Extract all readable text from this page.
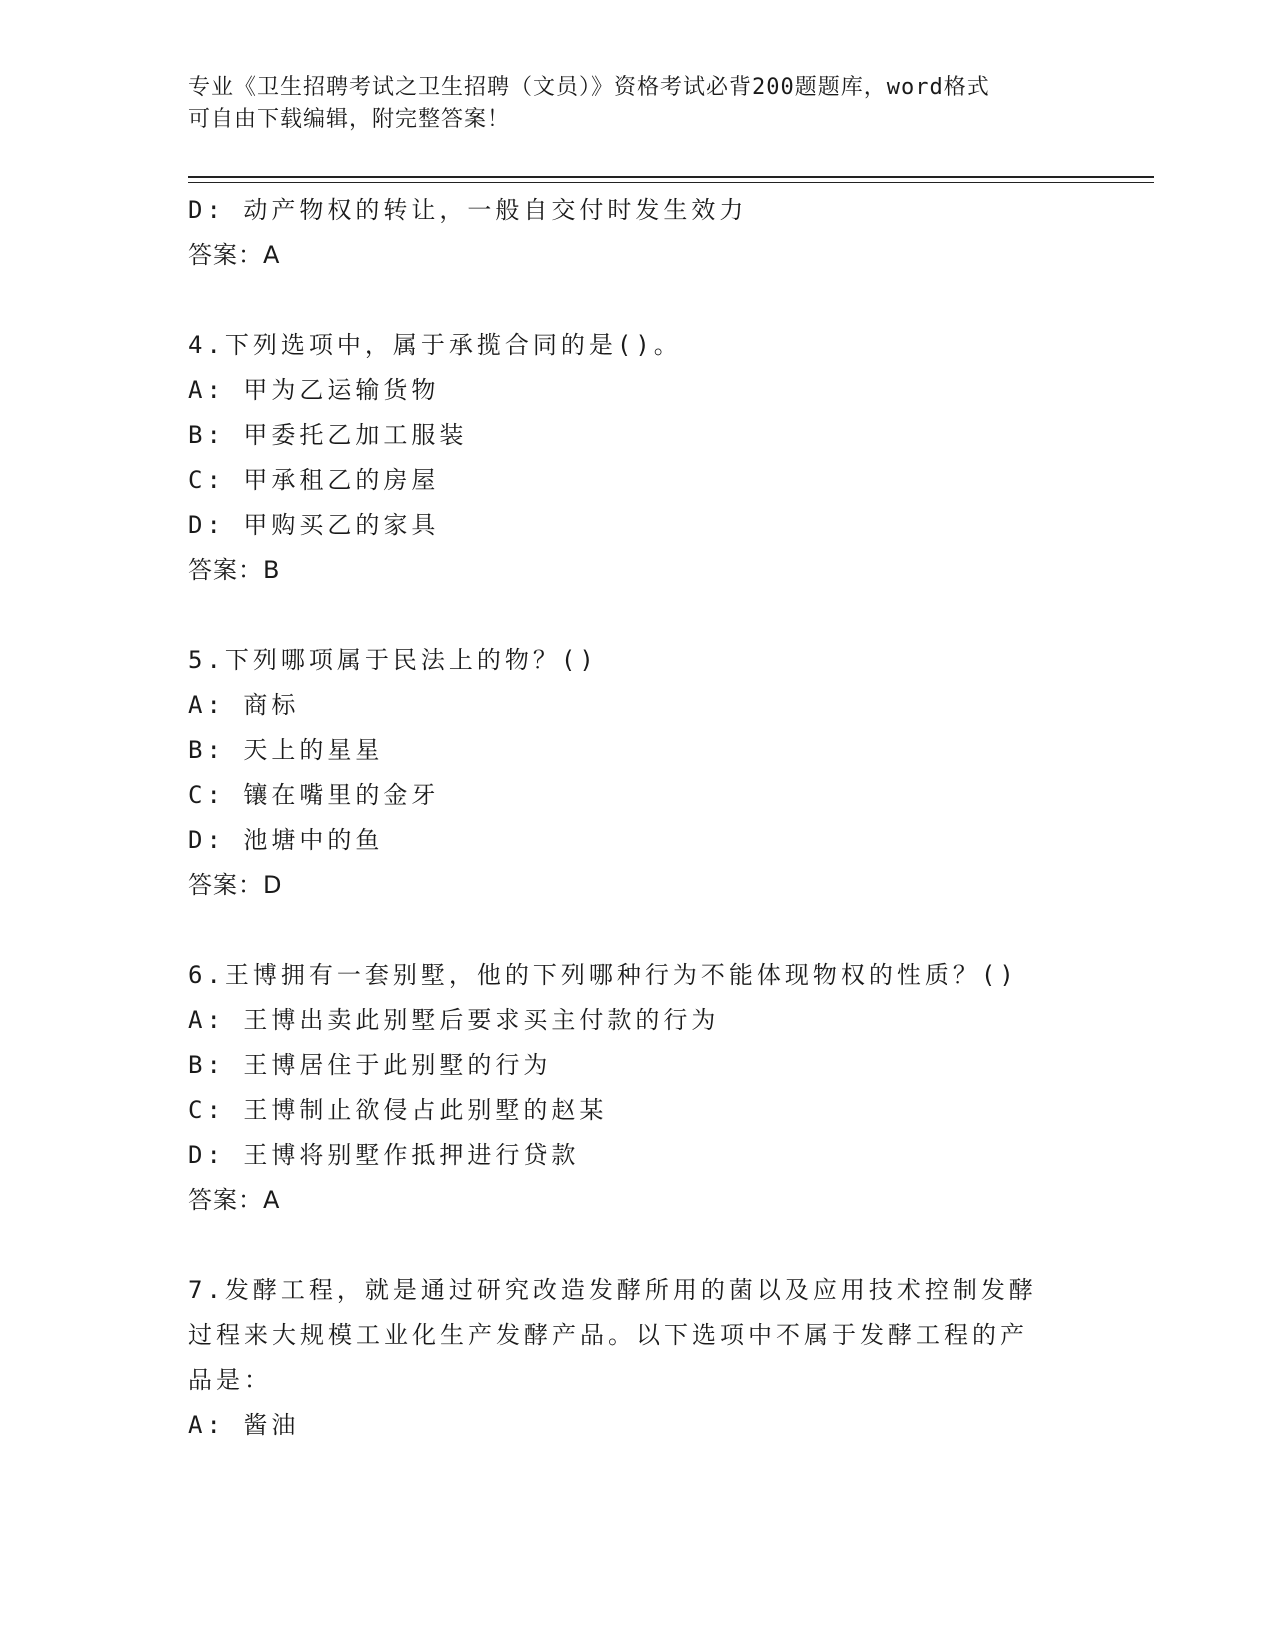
专业《卫生招聘考试之卫生招聘（文员）》资格考试必背200题题库，word格式
可自由下载编辑，附完整答案！
D: 动产物权的转让，一般自交付时发生效力
答案：A
4.下列选项中，属于承揽合同的是()。
A: 甲为乙运输货物
B: 甲委托乙加工服装
C: 甲承租乙的房屋
D: 甲购买乙的家具
答案：B
5.下列哪项属于民法上的物？()
A: 商标
B: 天上的星星
C: 镶在嘴里的金牙
D: 池塘中的鱼
答案：D
6.王博拥有一套别墅，他的下列哪种行为不能体现物权的性质？()
A: 王博出卖此别墅后要求买主付款的行为
B: 王博居住于此别墅的行为
C: 王博制止欲侵占此别墅的赵某
D: 王博将别墅作抵押进行贷款
答案：A
7.发酵工程，就是通过研究改造发酵所用的菌以及应用技术控制发酵
过程来大规模工业化生产发酵产品。以下选项中不属于发酵工程的产
品是：
A: 酱油
